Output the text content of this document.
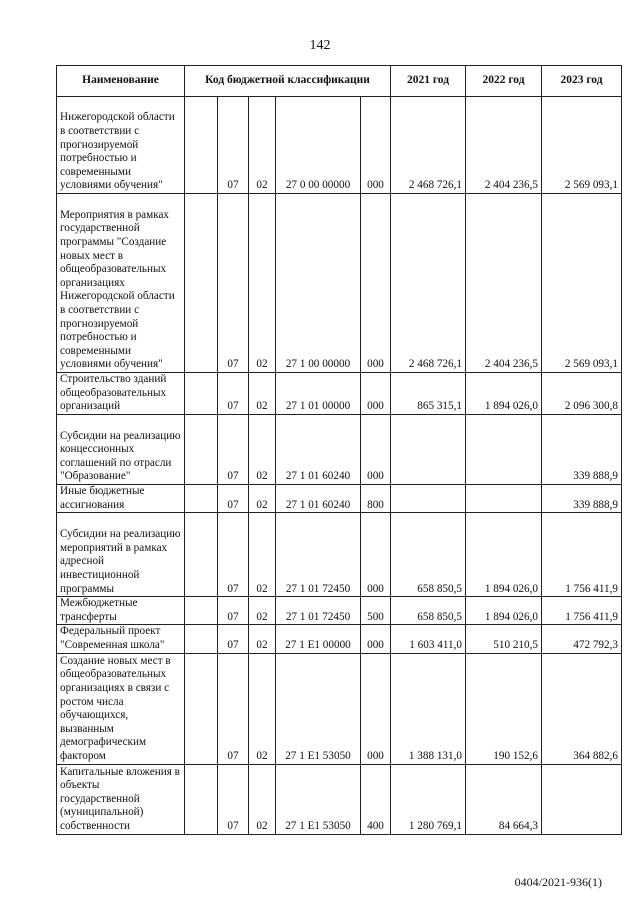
142
Наименование	Код бюджетной классификации					2021 год	2022 год	2023 год
Нижегородской области в соответствии с прогнозируемой потребностью и современными условиями обучения"		07	02	27 0 00 00000	000	2 468 726,1	2 404 236,5	2 569 093,1
Мероприятия в рамках государственной программы "Создание новых мест в общеобразовательных организациях Нижегородской области в соответствии с прогнозируемой потребностью и современными условиями обучения"		07	02	27 1 00 00000	000	2 468 726,1	2 404 236,5	2 569 093,1
Строительство зданий общеобразовательных организаций		07	02	27 1 01 00000	000	865 315,1	1 894 026,0	2 096 300,8
Субсидии на реализацию концессионных соглашений по отрасли "Образование"		07	02	27 1 01 60240	000			339 888,9
Иные бюджетные ассигнования		07	02	27 1 01 60240	800			339 888,9
Субсидии на реализацию мероприятий в рамках адресной инвестиционной программы		07	02	27 1 01 72450	000	658 850,5	1 894 026,0	1 756 411,9
Межбюджетные трансферты		07	02	27 1 01 72450	500	658 850,5	1 894 026,0	1 756 411,9
Федеральный проект "Современная школа"		07	02	27 1 E1 00000	000	1 603 411,0	510 210,5	472 792,3
Создание новых мест в общеобразовательных организациях в связи с ростом числа обучающихся, вызванным демографическим фактором		07	02	27 1 E1 53050	000	1 388 131,0	190 152,6	364 882,6
Капитальные вложения в объекты государственной (муниципальной) собственности		07	02	27 1 E1 53050	400	1 280 769,1	84 664,3	
0404/2021-936(1)
